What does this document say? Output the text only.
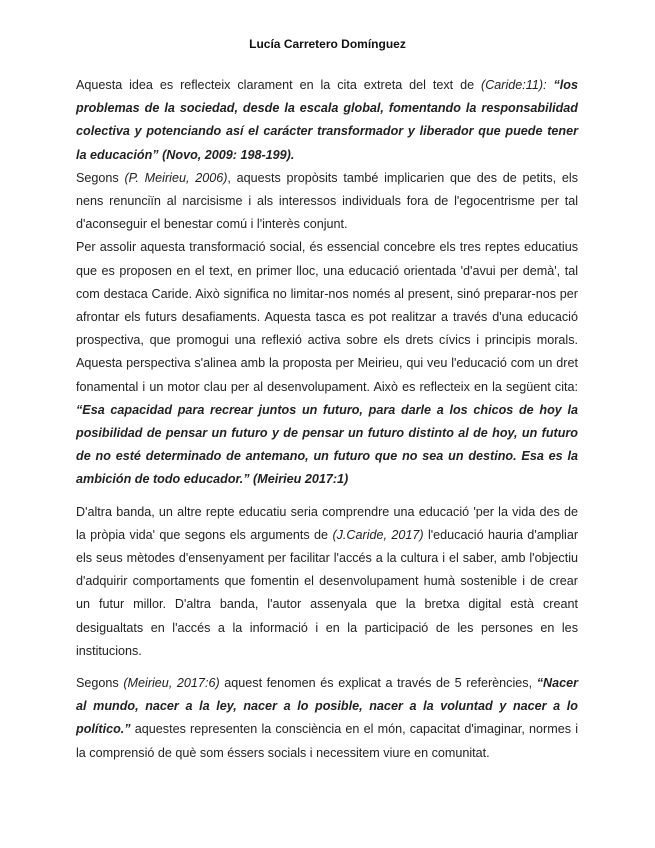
Lucía Carretero Domínguez

Aquesta idea es reflecteix clarament en la cita extreta del text de (Caride:11): “los problemas de la sociedad, desde la escala global, fomentando la responsabilidad colectiva y potenciando así el carácter transformador y liberador que puede tener la educación” (Novo, 2009: 198-199).

Segons (P. Meirieu, 2006), aquests propòsits també implicarien que des de petits, els nens renunciïn al narcisisme i als interessos individuals fora de l'egocentrisme per tal d'aconseguir el benestar comú i l'interès conjunt.

Per assolir aquesta transformació social, és essencial concebre els tres reptes educatius que es proposen en el text, en primer lloc, una educació orientada 'd'avui per demà', tal com destaca Caride. Això significa no limitar-nos només al present, sinó preparar-nos per afrontar els futurs desafiaments. Aquesta tasca es pot realitzar a través d'una educació prospectiva, que promogui una reflexió activa sobre els drets cívics i principis morals. Aquesta perspectiva s'alinea amb la proposta per Meirieu, qui veu l'educació com un dret fonamental i un motor clau per al desenvolupament. Això es reflecteix en la següent cita: “Esa capacidad para recrear juntos un futuro, para darle a los chicos de hoy la posibilidad de pensar un futuro y de pensar un futuro distinto al de hoy, un futuro de no esté determinado de antemano, un futuro que no sea un destino. Esa es la ambición de todo educador.” (Meirieu 2017:1)

D'altra banda, un altre repte educatiu seria comprendre una educació 'per la vida des de la pròpia vida' que segons els arguments de (J.Caride, 2017) l'educació hauria d'ampliar els seus mètodes d'ensenyament per facilitar l'accés a la cultura i el saber, amb l'objectiu d'adquirir comportaments que fomentin el desenvolupament humà sostenible i de crear un futur millor. D'altra banda, l'autor assenyala que la bretxa digital està creant desigualtats en l'accés a la informació i en la participació de les persones en les institucions.

Segons (Meirieu, 2017:6) aquest fenomen és explicat a través de 5 referències, “Nacer al mundo, nacer a la ley, nacer a lo posible, nacer a la voluntad y nacer a lo político.” aquestes representen la consciència en el món, capacitat d'imaginar, normes i la comprensió de què som éssers socials i necessitem viure en comunitat.
